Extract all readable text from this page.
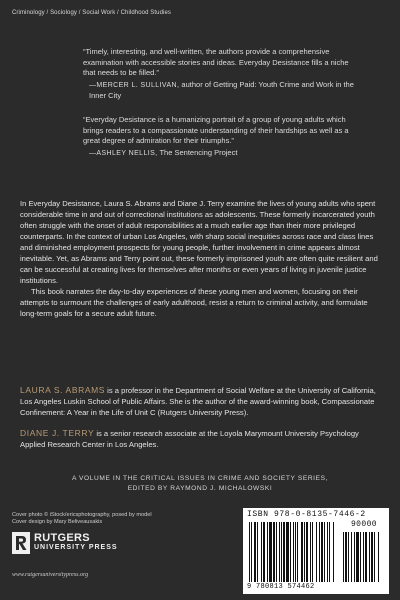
Criminology / Sociology / Social Work / Childhood Studies

“Timely, interesting, and well-written, the authors provide a comprehensive examination with accessible stories and ideas. Everyday Desistance fills a niche that needs to be filled.”

—MERCER L. SULLIVAN, author of Getting Paid: Youth Crime and Work in the Inner City

“Everyday Desistance is a humanizing portrait of a group of young adults which brings readers to a compassionate understanding of their hardships as well as a great degree of admiration for their triumphs.”

—ASHLEY NELLIS, The Sentencing Project

In Everyday Desistance, Laura S. Abrams and Diane J. Terry examine the lives of young adults who spent considerable time in and out of correctional institutions as adolescents. These formerly incarcerated youth often struggle with the onset of adult responsibilities at a much earlier age than their more privileged counterparts. In the context of urban Los Angeles, with sharp social inequities across race and class lines and diminished employment prospects for young people, further involvement in crime appears almost inevitable. Yet, as Abrams and Terry point out, these formerly imprisoned youth are often quite resilient and can be successful at creating lives for themselves after months or even years of living in juvenile justice institutions.

This book narrates the day-to-day experiences of these young men and women, focusing on their attempts to surmount the challenges of early adulthood, resist a return to criminal activity, and formulate long-term goals for a secure adult future.

LAURA S. ABRAMS is a professor in the Department of Social Welfare at the University of California, Los Angeles Luskin School of Public Affairs. She is the author of the award-winning book, Compassionate Confinement: A Year in the Life of Unit C (Rutgers University Press).

DIANE J. TERRY is a senior research associate at the Loyola Marymount University Psychology Applied Research Center in Los Angeles.

A VOLUME IN THE CRITICAL ISSUES IN CRIME AND SOCIETY SERIES,
EDITED BY RAYMOND J. MICHALOWSKI
Cover photo © iStock/ericsphotography, posed by model
Cover design by Mary Beliveausakis
RUTGERS
UNIVERSITY PRESS
www.rutgersuniversitypress.org
ISBN 978-0-8135-7446-2
90000
9 780813 574462
